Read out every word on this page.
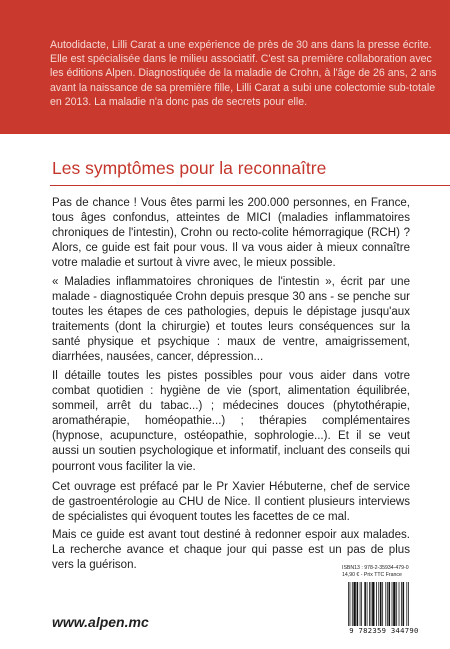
Autodidacte, Lilli Carat a une expérience de près de 30 ans dans la presse écrite. Elle est spécialisée dans le milieu associatif. C'est sa première collaboration avec les éditions Alpen. Diagnostiquée de la maladie de Crohn, à l'âge de 26 ans, 2 ans avant la naissance de sa première fille, Lilli Carat a subi une colectomie sub-totale en 2013. La maladie n'a donc pas de secrets pour elle.

Les symptômes pour la reconnaître

Pas de chance ! Vous êtes parmi les 200.000 personnes, en France, tous âges confondus, atteintes de MICI (maladies inflammatoires chroniques de l'intestin), Crohn ou recto-colite hémorragique (RCH) ? Alors, ce guide est fait pour vous. Il va vous aider à mieux connaître votre maladie et surtout à vivre avec, le mieux possible.

« Maladies inflammatoires chroniques de l'intestin », écrit par une malade - diagnostiquée Crohn depuis presque 30 ans - se penche sur toutes les étapes de ces pathologies, depuis le dépistage jusqu'aux traitements (dont la chirurgie) et toutes leurs conséquences sur la santé physique et psychique : maux de ventre, amaigrissement, diarrhées, nausées, cancer, dépression...

Il détaille toutes les pistes possibles pour vous aider dans votre combat quotidien : hygiène de vie (sport, alimentation équilibrée, sommeil, arrêt du tabac...) ; médecines douces (phytothérapie, aromathérapie, homéopathie...) ; thérapies complémentaires (hypnose, acupuncture, ostéopathie, sophrologie...). Et il se veut aussi un soutien psychologique et informatif, incluant des conseils qui pourront vous faciliter la vie.

Cet ouvrage est préfacé par le Pr Xavier Hébuterne, chef de service de gastroentérologie au CHU de Nice. Il contient plusieurs interviews de spécialistes qui évoquent toutes les facettes de ce mal.

Mais ce guide est avant tout destiné à redonner espoir aux malades. La recherche avance et chaque jour qui passe est un pas de plus vers la guérison.

www.alpen.mc

ISBN13 : 978-2-35934-479-0
14,90 € - Prix TTC France
9 782359 344790
